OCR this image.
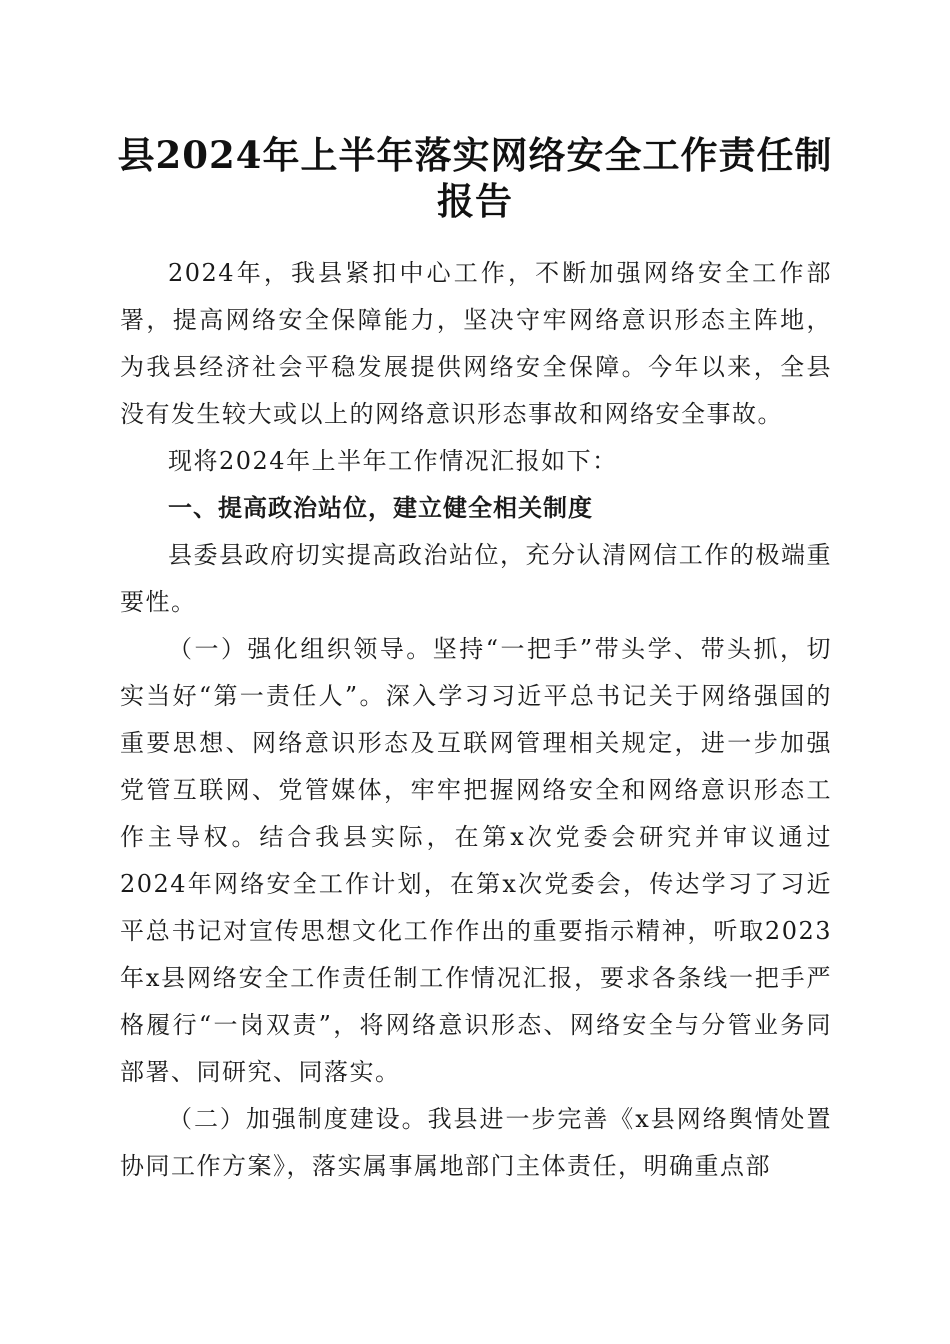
县2024年上半年落实网络安全工作责任制报告

2024年，我县紧扣中心工作，不断加强网络安全工作部署，提高网络安全保障能力，坚决守牢网络意识形态主阵地，为我县经济社会平稳发展提供网络安全保障。今年以来，全县没有发生较大或以上的网络意识形态事故和网络安全事故。

现将2024年上半年工作情况汇报如下：

一、提高政治站位，建立健全相关制度

县委县政府切实提高政治站位，充分认清网信工作的极端重要性。

（一）强化组织领导。坚持“一把手”带头学、带头抓，切实当好“第一责任人”。深入学习习近平总书记关于网络强国的重要思想、网络意识形态及互联网管理相关规定，进一步加强党管互联网、党管媒体，牢牢把握网络安全和网络意识形态工作主导权。结合我县实际，在第x次党委会研究并审议通过2024年网络安全工作计划，在第x次党委会，传达学习了习近平总书记对宣传思想文化工作作出的重要指示精神，听取2023年x县网络安全工作责任制工作情况汇报，要求各条线一把手严格履行“一岗双责”，将网络意识形态、网络安全与分管业务同部署、同研究、同落实。

（二）加强制度建设。我县进一步完善《x县网络舆情处置协同工作方案》，落实属事属地部门主体责任，明确重点部
